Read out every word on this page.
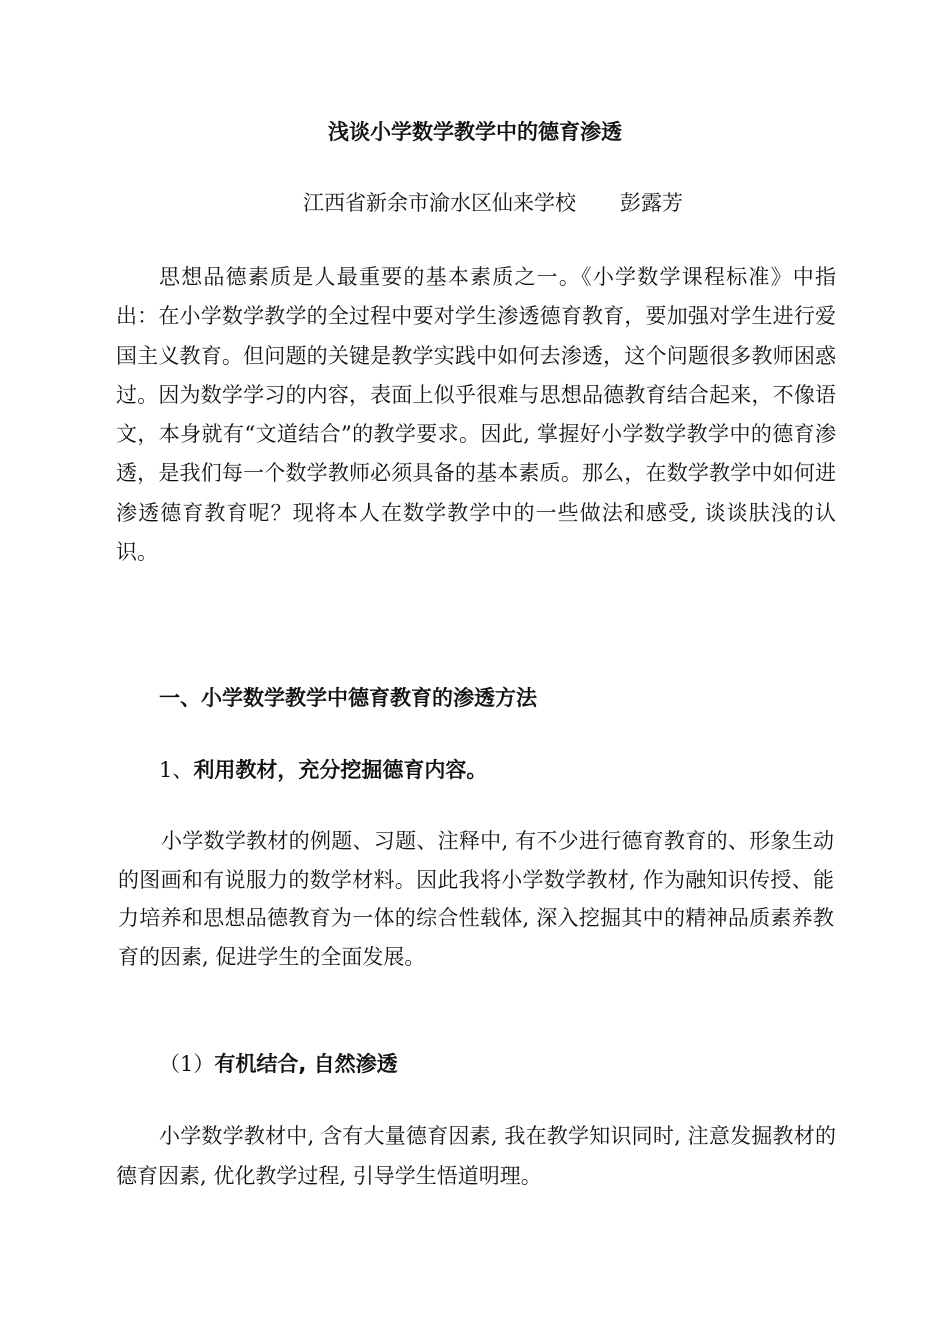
浅谈小学数学教学中的德育渗透
江西省新余市渝水区仙来学校 彭露芳

思想品德素质是人最重要的基本素质之一。《小学数学课程标准》中指出：在小学数学教学的全过程中要对学生渗透德育教育，要加强对学生进行爱国主义教育。但问题的关键是教学实践中如何去渗透，这个问题很多教师困惑过。因为数学学习的内容，表面上似乎很难与思想品德教育结合起来，不像语文，本身就有“文道结合”的教学要求。因此, 掌握好小学数学教学中的德育渗透，是我们每一个数学教师必须具备的基本素质。那么，在数学教学中如何进渗透德育教育呢？现将本人在数学教学中的一些做法和感受, 谈谈肤浅的认识。

一、小学数学教学中德育教育的渗透方法
1、利用教材，充分挖掘德育内容。

小学数学教材的例题、习题、注释中, 有不少进行德育教育的、形象生动的图画和有说服力的数学材料。因此我将小学数学教材, 作为融知识传授、能力培养和思想品德教育为一体的综合性载体, 深入挖掘其中的精神品质素养教育的因素, 促进学生的全面发展。

（1）有机结合, 自然渗透

小学数学教材中, 含有大量德育因素, 我在教学知识同时, 注意发掘教材的德育因素, 优化教学过程, 引导学生悟道明理。
